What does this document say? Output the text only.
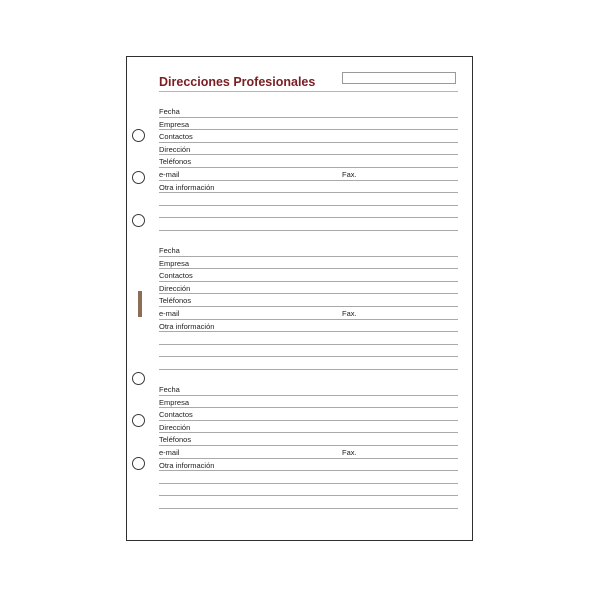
Direcciones Profesionales
Fecha
Empresa
Contactos
Dirección
Teléfonos
e-mail	Fax.
Otra información
Fecha
Empresa
Contactos
Dirección
Teléfonos
e-mail	Fax.
Otra información
Fecha
Empresa
Contactos
Dirección
Teléfonos
e-mail	Fax.
Otra información
